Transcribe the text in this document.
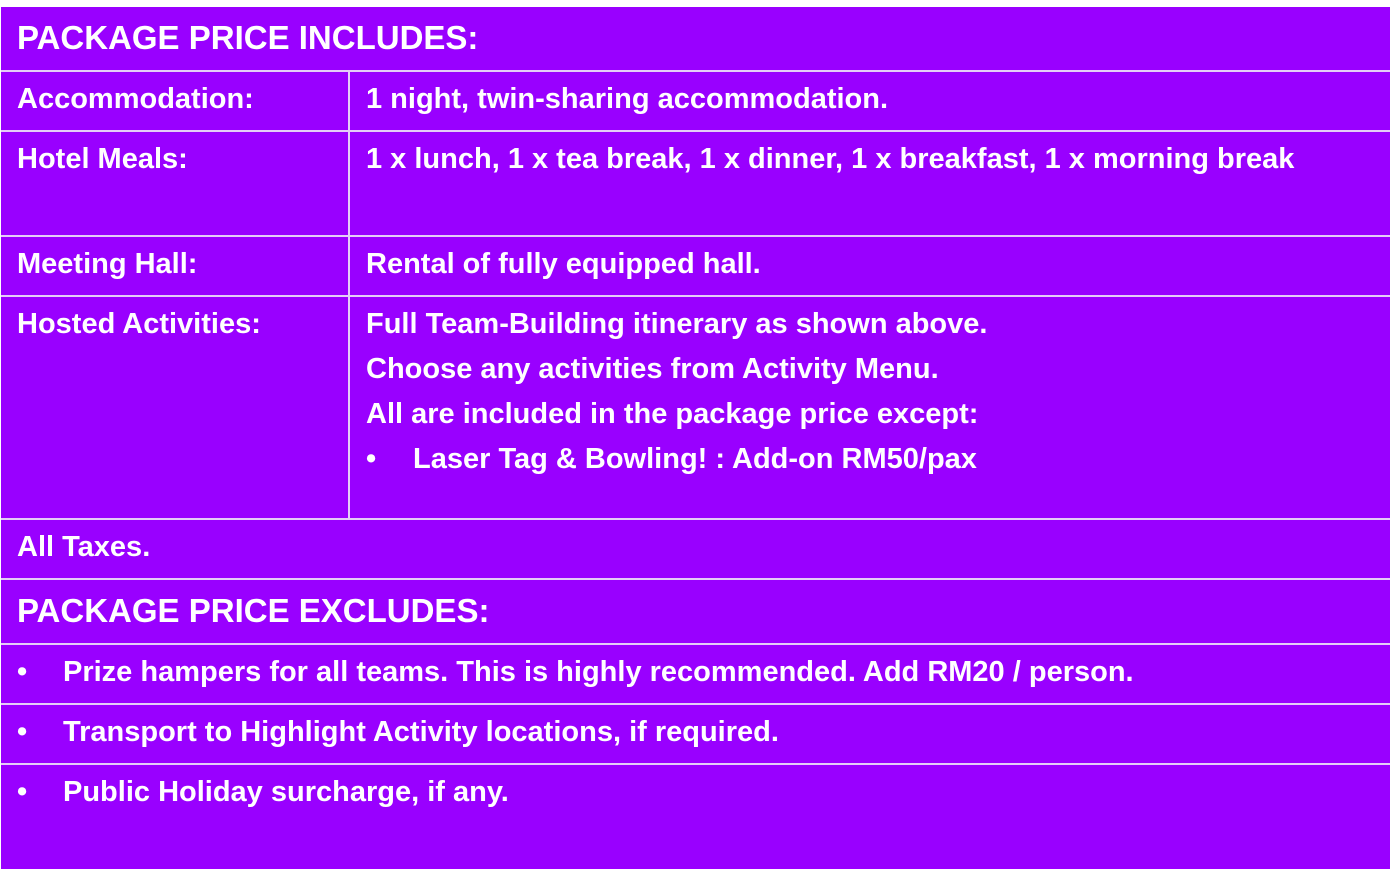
PACKAGE PRICE INCLUDES:
Accommodation:	1 night, twin-sharing accommodation.
Hotel Meals:	1 x lunch, 1 x tea break, 1 x dinner, 1 x breakfast, 1 x morning break
Meeting Hall:	Rental of fully equipped hall.
Hosted Activities:	Full Team-Building itinerary as shown above.
Choose any activities from Activity Menu.
All are included in the package price except:
•	Laser Tag & Bowling! : Add-on RM50/pax
All Taxes.
PACKAGE PRICE EXCLUDES:
•	Prize hampers for all teams. This is highly recommended. Add RM20 / person.
•	Transport to Highlight Activity locations, if required.
•	Public Holiday surcharge, if any.
